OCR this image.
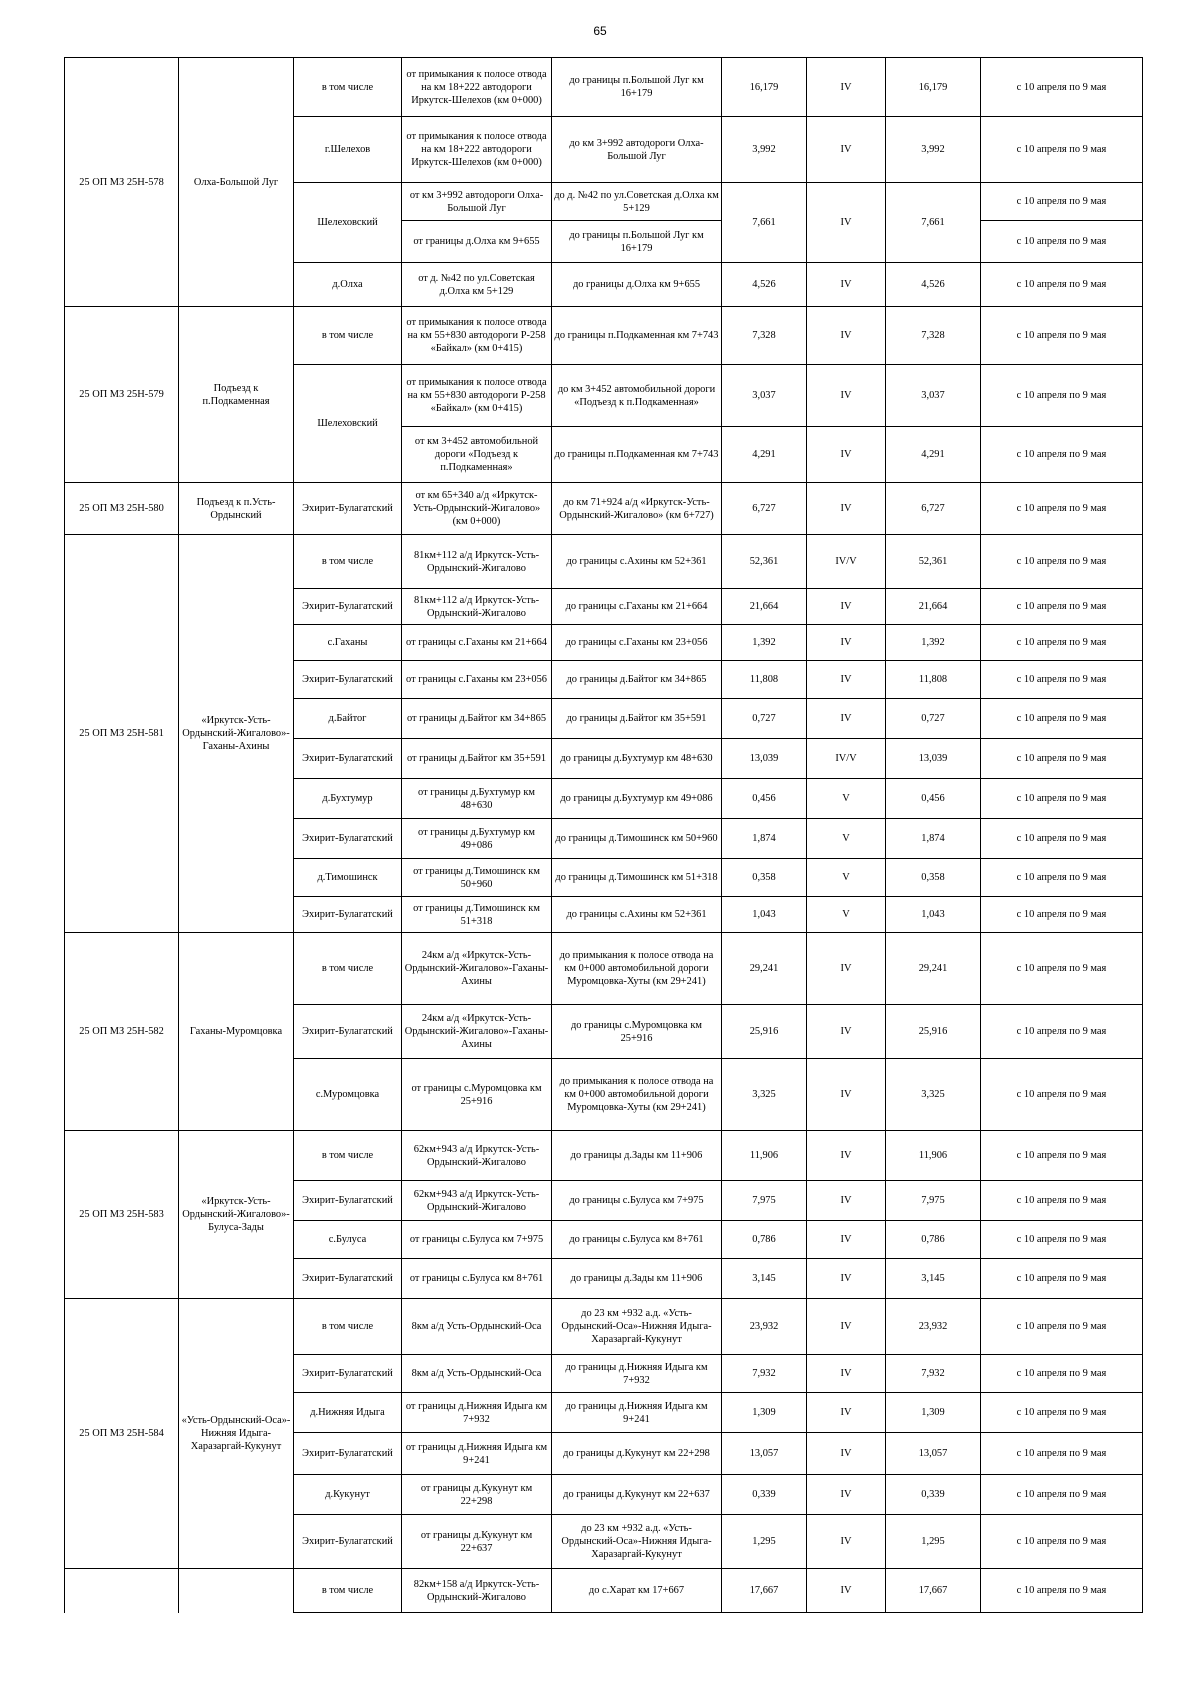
65
25 ОП МЗ 25Н-578	Олха-Большой Луг	в том числе	от примыкания к полосе отвода на км 18+222 автодороги Иркутск-Шелехов (км 0+000)	до границы п.Большой Луг км 16+179	16,179	IV	16,179	с 10 апреля по 9 мая
		г.Шелехов	от примыкания к полосе отвода на км 18+222 автодороги Иркутск-Шелехов (км 0+000)	до км 3+992 автодороги Олха-Большой Луг	3,992	IV	3,992	с 10 апреля по 9 мая
		Шелеховский	от км 3+992 автодороги Олха-Большой Луг	до д. №42 по ул.Советская д.Олха км 5+129	7,661	IV	7,661	с 10 апреля по 9 мая
			от границы д.Олха км 9+655	до границы п.Большой Луг км 16+179				с 10 апреля по 9 мая
		д.Олха	от д. №42 по ул.Советская д.Олха км 5+129	до границы д.Олха км 9+655	4,526	IV	4,526	с 10 апреля по 9 мая
25 ОП МЗ 25Н-579	Подъезд к п.Подкаменная	в том числе	от примыкания к полосе отвода на км 55+830 автодороги Р-258 «Байкал» (км 0+415)	до границы п.Подкаменная км 7+743	7,328	IV	7,328	с 10 апреля по 9 мая
		Шелеховский	от примыкания к полосе отвода на км 55+830 автодороги Р-258 «Байкал» (км 0+415)	до км 3+452 автомобильной дороги «Подъезд к п.Подкаменная»	3,037	IV	3,037	с 10 апреля по 9 мая
			от км 3+452 автомобильной дороги «Подъезд к п.Подкаменная»	до границы п.Подкаменная км 7+743	4,291	IV	4,291	с 10 апреля по 9 мая
25 ОП МЗ 25Н-580	Подъезд к п.Усть-Ордынский	Эхирит-Булагатский	от км 65+340 а/д «Иркутск-Усть-Ордынский-Жигалово» (км 0+000)	до км 71+924 а/д «Иркутск-Усть-Ордынский-Жигалово» (км 6+727)	6,727	IV	6,727	с 10 апреля по 9 мая
25 ОП МЗ 25Н-581	«Иркутск-Усть-Ордынский-Жигалово»-Гаханы-Ахины	в том числе	81км+112 а/д Иркутск-Усть-Ордынский-Жигалово	до границы с.Ахины км 52+361	52,361	IV/V	52,361	с 10 апреля по 9 мая
		Эхирит-Булагатский	81км+112 а/д Иркутск-Усть-Ордынский-Жигалово	до границы с.Гаханы км 21+664	21,664	IV	21,664	с 10 апреля по 9 мая
		с.Гаханы	от границы с.Гаханы км 21+664	до границы с.Гаханы км 23+056	1,392	IV	1,392	с 10 апреля по 9 мая
		Эхирит-Булагатский	от границы с.Гаханы км 23+056	до границы д.Байтог км 34+865	11,808	IV	11,808	с 10 апреля по 9 мая
		д.Байтог	от границы д.Байтог км 34+865	до границы д.Байтог км 35+591	0,727	IV	0,727	с 10 апреля по 9 мая
		Эхирит-Булагатский	от границы д.Байтог км 35+591	до границы д.Бухтумур км 48+630	13,039	IV/V	13,039	с 10 апреля по 9 мая
		д.Бухтумур	от границы д.Бухтумур км 48+630	до границы д.Бухтумур км 49+086	0,456	V	0,456	с 10 апреля по 9 мая
		Эхирит-Булагатский	от границы д.Бухтумур км 49+086	до границы д.Тимошинск км 50+960	1,874	V	1,874	с 10 апреля по 9 мая
		д.Тимошинск	от границы д.Тимошинск км 50+960	до границы д.Тимошинск км 51+318	0,358	V	0,358	с 10 апреля по 9 мая
		Эхирит-Булагатский	от границы д.Тимошинск км 51+318	до границы с.Ахины км 52+361	1,043	V	1,043	с 10 апреля по 9 мая
25 ОП МЗ 25Н-582	Гаханы-Муромцовка	в том числе	24км а/д «Иркутск-Усть-Ордынский-Жигалово»-Гаханы-Ахины	до примыкания к полосе отвода на км 0+000 автомобильной дороги Муромцовка-Хуты (км 29+241)	29,241	IV	29,241	с 10 апреля по 9 мая
		Эхирит-Булагатский	24км а/д «Иркутск-Усть-Ордынский-Жигалово»-Гаханы-Ахины	до границы с.Муромцовка км 25+916	25,916	IV	25,916	с 10 апреля по 9 мая
		с.Муромцовка	от границы с.Муромцовка км 25+916	до примыкания к полосе отвода на км 0+000 автомобильной дороги Муромцовка-Хуты (км 29+241)	3,325	IV	3,325	с 10 апреля по 9 мая
25 ОП МЗ 25Н-583	«Иркутск-Усть-Ордынский-Жигалово»-Булуса-Зады	в том числе	62км+943 а/д Иркутск-Усть-Ордынский-Жигалово	до границы д.Зады км 11+906	11,906	IV	11,906	с 10 апреля по 9 мая
		Эхирит-Булагатский	62км+943 а/д Иркутск-Усть-Ордынский-Жигалово	до границы с.Булуса км 7+975	7,975	IV	7,975	с 10 апреля по 9 мая
		с.Булуса	от границы с.Булуса км 7+975	до границы с.Булуса км 8+761	0,786	IV	0,786	с 10 апреля по 9 мая
		Эхирит-Булагатский	от границы с.Булуса км 8+761	до границы д.Зады км 11+906	3,145	IV	3,145	с 10 апреля по 9 мая
25 ОП МЗ 25Н-584	«Усть-Ордынский-Оса»-Нижняя Идыга-Харазаргай-Кукунут	в том числе	8км а/д Усть-Ордынский-Оса	до 23 км +932 а.д. «Усть-Ордынский-Оса»-Нижняя Идыга-Харазаргай-Кукунут	23,932	IV	23,932	с 10 апреля по 9 мая
		Эхирит-Булагатский	8км а/д Усть-Ордынский-Оса	до границы д.Нижняя Идыга км 7+932	7,932	IV	7,932	с 10 апреля по 9 мая
		д.Нижняя Идыга	от границы д.Нижняя Идыга км 7+932	до границы д.Нижняя Идыга км 9+241	1,309	IV	1,309	с 10 апреля по 9 мая
		Эхирит-Булагатский	от границы д.Нижняя Идыга км 9+241	до границы д.Кукунут км 22+298	13,057	IV	13,057	с 10 апреля по 9 мая
		д.Кукунут	от границы д.Кукунут км 22+298	до границы д.Кукунут км 22+637	0,339	IV	0,339	с 10 апреля по 9 мая
		Эхирит-Булагатский	от границы д.Кукунут км 22+637	до 23 км +932 а.д. «Усть-Ордынский-Оса»-Нижняя Идыга-Харазаргай-Кукунут	1,295	IV	1,295	с 10 апреля по 9 мая
		в том числе	82км+158 а/д Иркутск-Усть-Ордынский-Жигалово	до с.Харат км 17+667	17,667	IV	17,667	с 10 апреля по 9 мая
